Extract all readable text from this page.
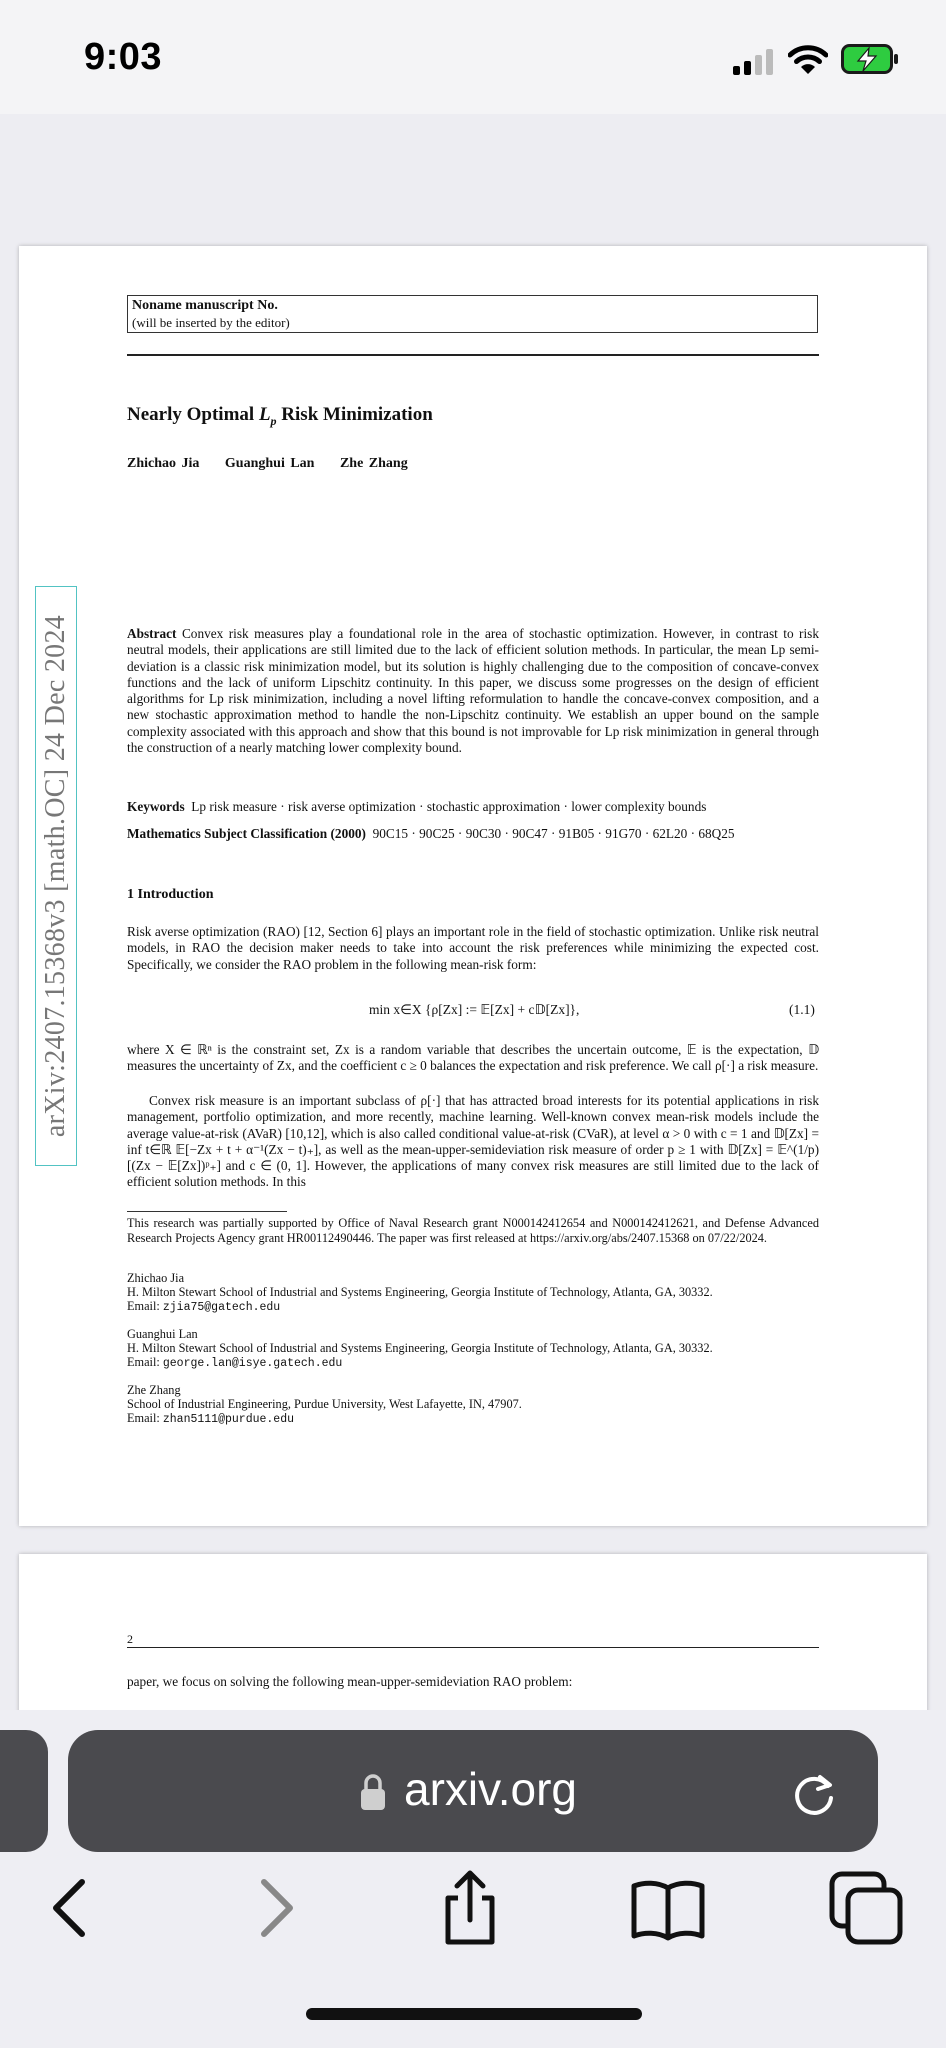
9:03
Noname manuscript No.
(will be inserted by the editor)
Nearly Optimal $L_p$ Risk Minimization
Zhichao Jia Guanghui Lan Zhe Zhang
Abstract Convex risk measures play a foundational role in the area of stochastic optimization. However, in contrast to risk neutral models, their applications are still limited due to the lack of efficient solution methods. In particular, the mean Lp semi-deviation is a classic risk minimization model, but its solution is highly challenging due to the composition of concave-convex functions and the lack of uniform Lipschitz continuity. In this paper, we discuss some progresses on the design of efficient algorithms for Lp risk minimization, including a novel lifting reformulation to handle the concave-convex composition, and a new stochastic approximation method to handle the non-Lipschitz continuity. We establish an upper bound on the sample complexity associated with this approach and show that this bound is not improvable for Lp risk minimization in general through the construction of a nearly matching lower complexity bound.
Keywords Lp risk measure · risk averse optimization · stochastic approximation · lower complexity bounds
Mathematics Subject Classification (2000) 90C15 · 90C25 · 90C30 · 90C47 · 91B05 · 91G70 · 62L20 · 68Q25
1 Introduction
Risk averse optimization (RAO) [12, Section 6] plays an important role in the field of stochastic optimization. Unlike risk neutral models, in RAO the decision maker needs to take into account the risk preferences while minimizing the expected cost. Specifically, we consider the RAO problem in the following mean-risk form:
min x∈X {ρ[Zx] := 𝔼[Zx] + c𝔻[Zx]},	(1.1)
where X ∈ ℝⁿ is the constraint set, Zx is a random variable that describes the uncertain outcome, 𝔼 is the expectation, 𝔻 measures the uncertainty of Zx, and the coefficient c ≥ 0 balances the expectation and risk preference. We call ρ[·] a risk measure.
Convex risk measure is an important subclass of ρ[·] that has attracted broad interests for its potential applications in risk management, portfolio optimization, and more recently, machine learning. Well-known convex mean-risk models include the average value-at-risk (AVaR) [10,12], which is also called conditional value-at-risk (CVaR), at level α > 0 with c = 1 and 𝔻[Zx] = inf t∈ℝ 𝔼[−Zx + t + α⁻¹(Zx − t)₊], as well as the mean-upper-semideviation risk measure of order p ≥ 1 with 𝔻[Zx] = 𝔼^(1/p)[(Zx − 𝔼[Zx])ᵖ₊] and c ∈ (0, 1]. However, the applications of many convex risk measures are still limited due to the lack of efficient solution methods. In this
This research was partially supported by Office of Naval Research grant N000142412654 and N000142412621, and Defense Advanced Research Projects Agency grant HR00112490446. The paper was first released at https://arxiv.org/abs/2407.15368 on 07/22/2024.
Zhichao Jia
H. Milton Stewart School of Industrial and Systems Engineering, Georgia Institute of Technology, Atlanta, GA, 30332.
Email: zjia75@gatech.edu
Guanghui Lan
H. Milton Stewart School of Industrial and Systems Engineering, Georgia Institute of Technology, Atlanta, GA, 30332.
Email: george.lan@isye.gatech.edu
Zhe Zhang
School of Industrial Engineering, Purdue University, West Lafayette, IN, 47907.
Email: zhan5111@purdue.edu
arXiv:2407.15368v3 [math.OC] 24 Dec 2024
2
paper, we focus on solving the following mean-upper-semideviation RAO problem:
arxiv.org
